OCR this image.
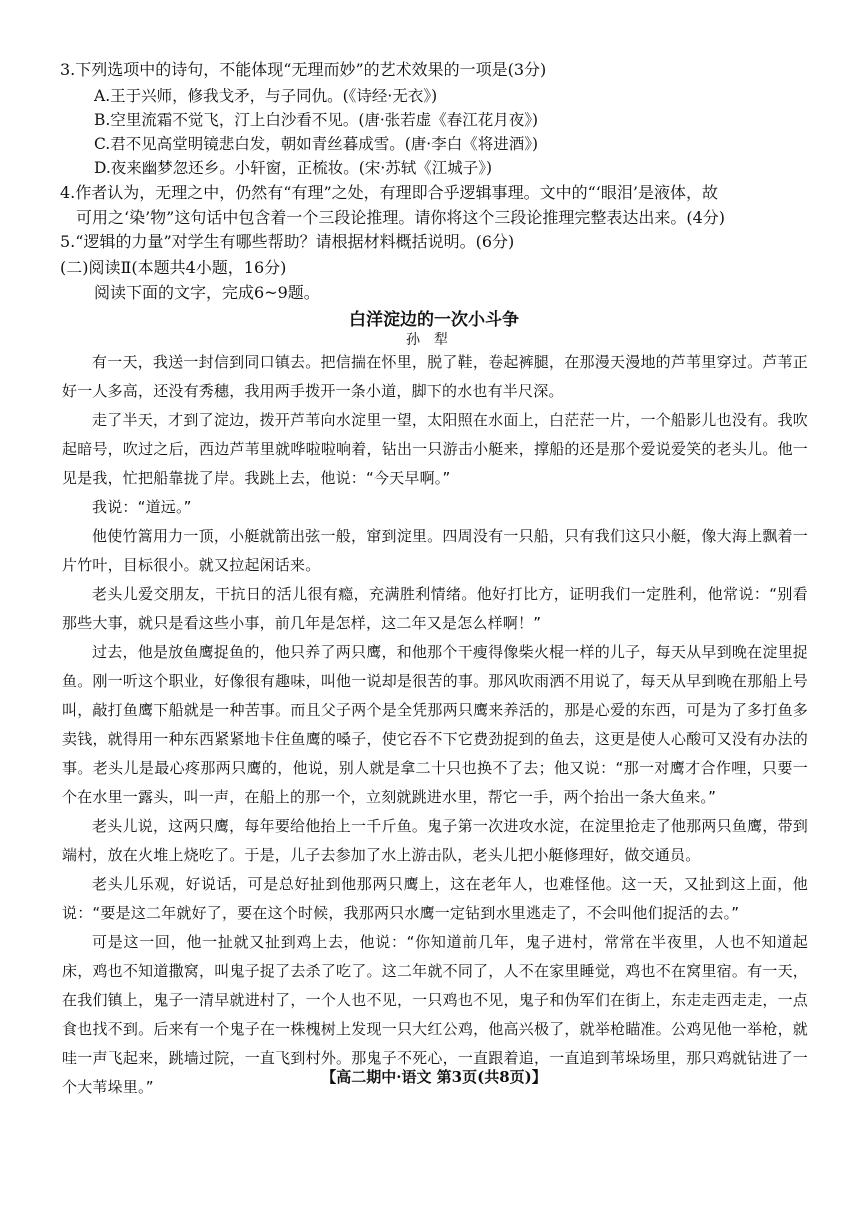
3.下列选项中的诗句，不能体现“无理而妙”的艺术效果的一项是(3分)
A.王于兴师，修我戈矛，与子同仇。(《诗经·无衣》)
B.空里流霜不觉飞，汀上白沙看不见。(唐·张若虚《春江花月夜》)
C.君不见高堂明镜悲白发，朝如青丝暮成雪。(唐·李白《将进酒》)
D.夜来幽梦忽还乡。小轩窗，正梳妆。(宋·苏轼《江城子》)
4.作者认为，无理之中，仍然有“有理”之处，有理即合乎逻辑事理。文中的“‘眼泪’是液体，故
可用之‘染’物”这句话中包含着一个三段论推理。请你将这个三段论推理完整表达出来。(4分)
5.“逻辑的力量”对学生有哪些帮助？请根据材料概括说明。(6分)
(二)阅读Ⅱ(本题共4小题，16分)
阅读下面的文字，完成6~9题。
白洋淀边的一次小斗争
孙犁

有一天，我送一封信到同口镇去。把信揣在怀里，脱了鞋，卷起裤腿，在那漫天漫地的芦苇里穿过。芦苇正好一人多高，还没有秀穗，我用两手拨开一条小道，脚下的水也有半尺深。

走了半天，才到了淀边，拨开芦苇向水淀里一望，太阳照在水面上，白茫茫一片，一个船影儿也没有。我吹起暗号，吹过之后，西边芦苇里就哗啦啦响着，钻出一只游击小艇来，撑船的还是那个爱说爱笑的老头儿。他一见是我，忙把船靠拢了岸。我跳上去，他说：“今天早啊。”

我说：“道远。”

他使竹篙用力一顶，小艇就箭出弦一般，窜到淀里。四周没有一只船，只有我们这只小艇，像大海上飘着一片竹叶，目标很小。就又拉起闲话来。

老头儿爱交朋友，干抗日的活儿很有瘾，充满胜利情绪。他好打比方，证明我们一定胜利，他常说：“别看那些大事，就只是看这些小事，前几年是怎样，这二年又是怎么样啊！”

过去，他是放鱼鹰捉鱼的，他只养了两只鹰，和他那个干瘦得像柴火棍一样的儿子，每天从早到晚在淀里捉鱼。刚一听这个职业，好像很有趣味，叫他一说却是很苦的事。那风吹雨洒不用说了，每天从早到晚在那船上号叫，敲打鱼鹰下船就是一种苦事。而且父子两个是全凭那两只鹰来养活的，那是心爱的东西，可是为了多打鱼多卖钱，就得用一种东西紧紧地卡住鱼鹰的嗓子，使它吞不下它费劲捉到的鱼去，这更是使人心酸可又没有办法的事。老头儿是最心疼那两只鹰的，他说，别人就是拿二十只也换不了去；他又说：“那一对鹰才合作哩，只要一个在水里一露头，叫一声，在船上的那一个，立刻就跳进水里，帮它一手，两个抬出一条大鱼来。”

老头儿说，这两只鹰，每年要给他抬上一千斤鱼。鬼子第一次进攻水淀，在淀里抢走了他那两只鱼鹰，带到端村，放在火堆上烧吃了。于是，儿子去参加了水上游击队，老头儿把小艇修理好，做交通员。

老头儿乐观，好说话，可是总好扯到他那两只鹰上，这在老年人，也难怪他。这一天，又扯到这上面，他说：“要是这二年就好了，要在这个时候，我那两只水鹰一定钻到水里逃走了，不会叫他们捉活的去。”

可是这一回，他一扯就又扯到鸡上去，他说：“你知道前几年，鬼子进村，常常在半夜里，人也不知道起床，鸡也不知道撒窝，叫鬼子捉了去杀了吃了。这二年就不同了，人不在家里睡觉，鸡也不在窝里宿。有一天，在我们镇上，鬼子一清早就进村了，一个人也不见，一只鸡也不见，鬼子和伪军们在街上，东走走西走走，一点食也找不到。后来有一个鬼子在一株槐树上发现一只大红公鸡，他高兴极了，就举枪瞄准。公鸡见他一举枪，就哇一声飞起来，跳墙过院，一直飞到村外。那鬼子不死心，一直跟着追，一直追到苇垛场里，那只鸡就钻进了一个大苇垛里。”

【高二期中·语文 第3页(共8页)】
